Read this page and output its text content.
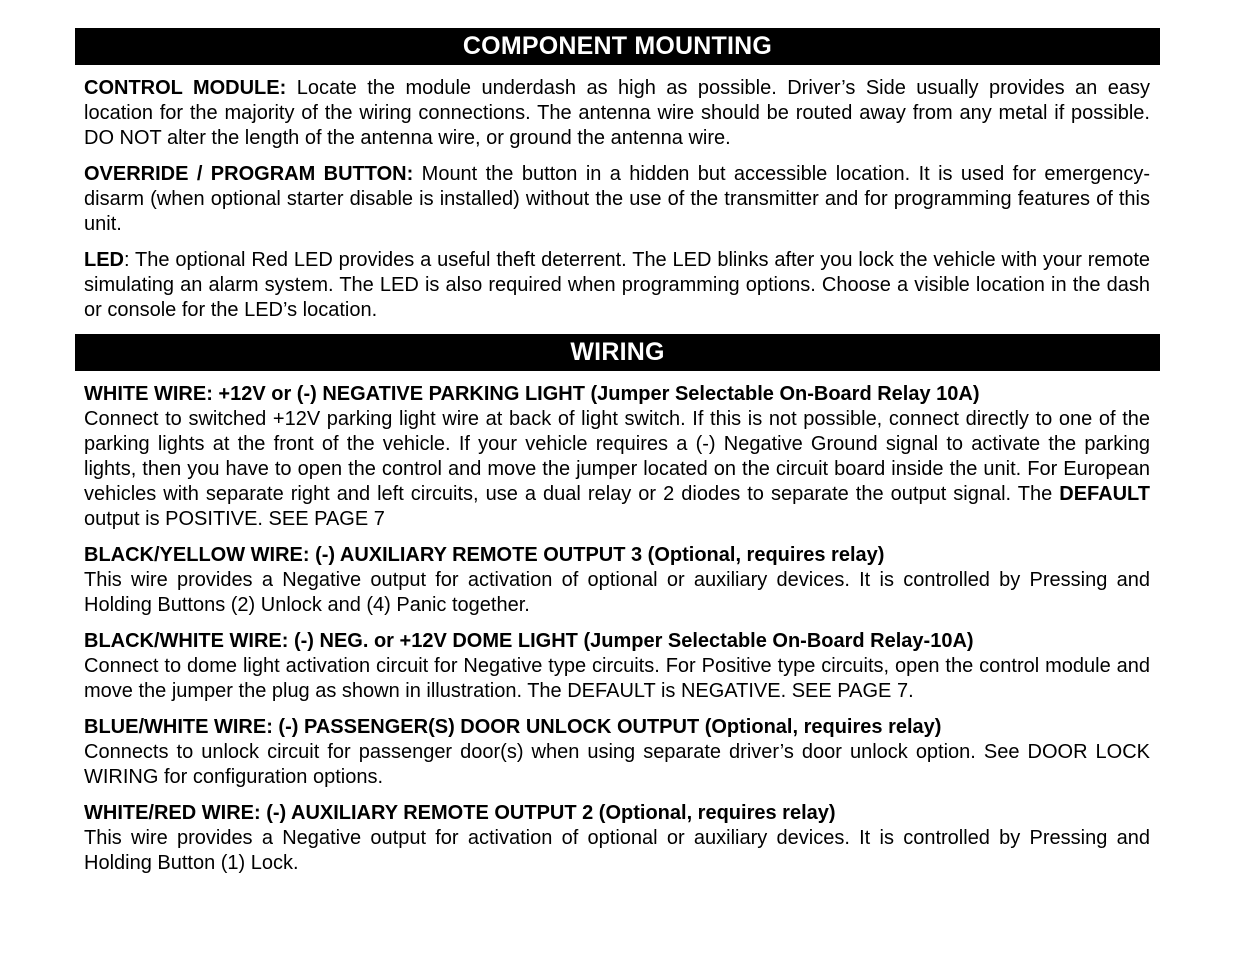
COMPONENT MOUNTING

CONTROL MODULE: Locate the module underdash as high as possible. Driver’s Side usually provides an easy location for the majority of the wiring connections. The antenna wire should be routed away from any metal if possible. DO NOT alter the length of the antenna wire, or ground the antenna wire.

OVERRIDE / PROGRAM BUTTON: Mount the button in a hidden but accessible location. It is used for emergency-disarm (when optional starter disable is installed) without the use of the transmitter and for programming features of this unit.

LED: The optional Red LED provides a useful theft deterrent. The LED blinks after you lock the vehicle with your remote simulating an alarm system. The LED is also required when programming options. Choose a visible location in the dash or console for the LED’s location.

WIRING
WHITE WIRE: +12V or (-) NEGATIVE PARKING LIGHT (Jumper Selectable On-Board Relay 10A)
Connect to switched +12V parking light wire at back of light switch. If this is not possible, connect directly to one of the parking lights at the front of the vehicle. If your vehicle requires a (-) Negative Ground signal to activate the parking lights, then you have to open the control and move the jumper located on the circuit board inside the unit. For European vehicles with separate right and left circuits, use a dual relay or 2 diodes to separate the output signal. The DEFAULT output is POSITIVE. SEE PAGE 7
BLACK/YELLOW WIRE: (-) AUXILIARY REMOTE OUTPUT 3 (Optional, requires relay)
This wire provides a Negative output for activation of optional or auxiliary devices. It is controlled by Pressing and Holding Buttons (2) Unlock and (4) Panic together.
BLACK/WHITE WIRE: (-) NEG. or +12V DOME LIGHT (Jumper Selectable On-Board Relay-10A)
Connect to dome light activation circuit for Negative type circuits. For Positive type circuits, open the control module and move the jumper the plug as shown in illustration. The DEFAULT is NEGATIVE. SEE PAGE 7.
BLUE/WHITE WIRE: (-) PASSENGER(S) DOOR UNLOCK OUTPUT (Optional, requires relay)
Connects to unlock circuit for passenger door(s) when using separate driver’s door unlock option. See DOOR LOCK WIRING for configuration options.
WHITE/RED WIRE: (-) AUXILIARY REMOTE OUTPUT 2 (Optional, requires relay)
This wire provides a Negative output for activation of optional or auxiliary devices. It is controlled by Pressing and Holding Button (1) Lock.
